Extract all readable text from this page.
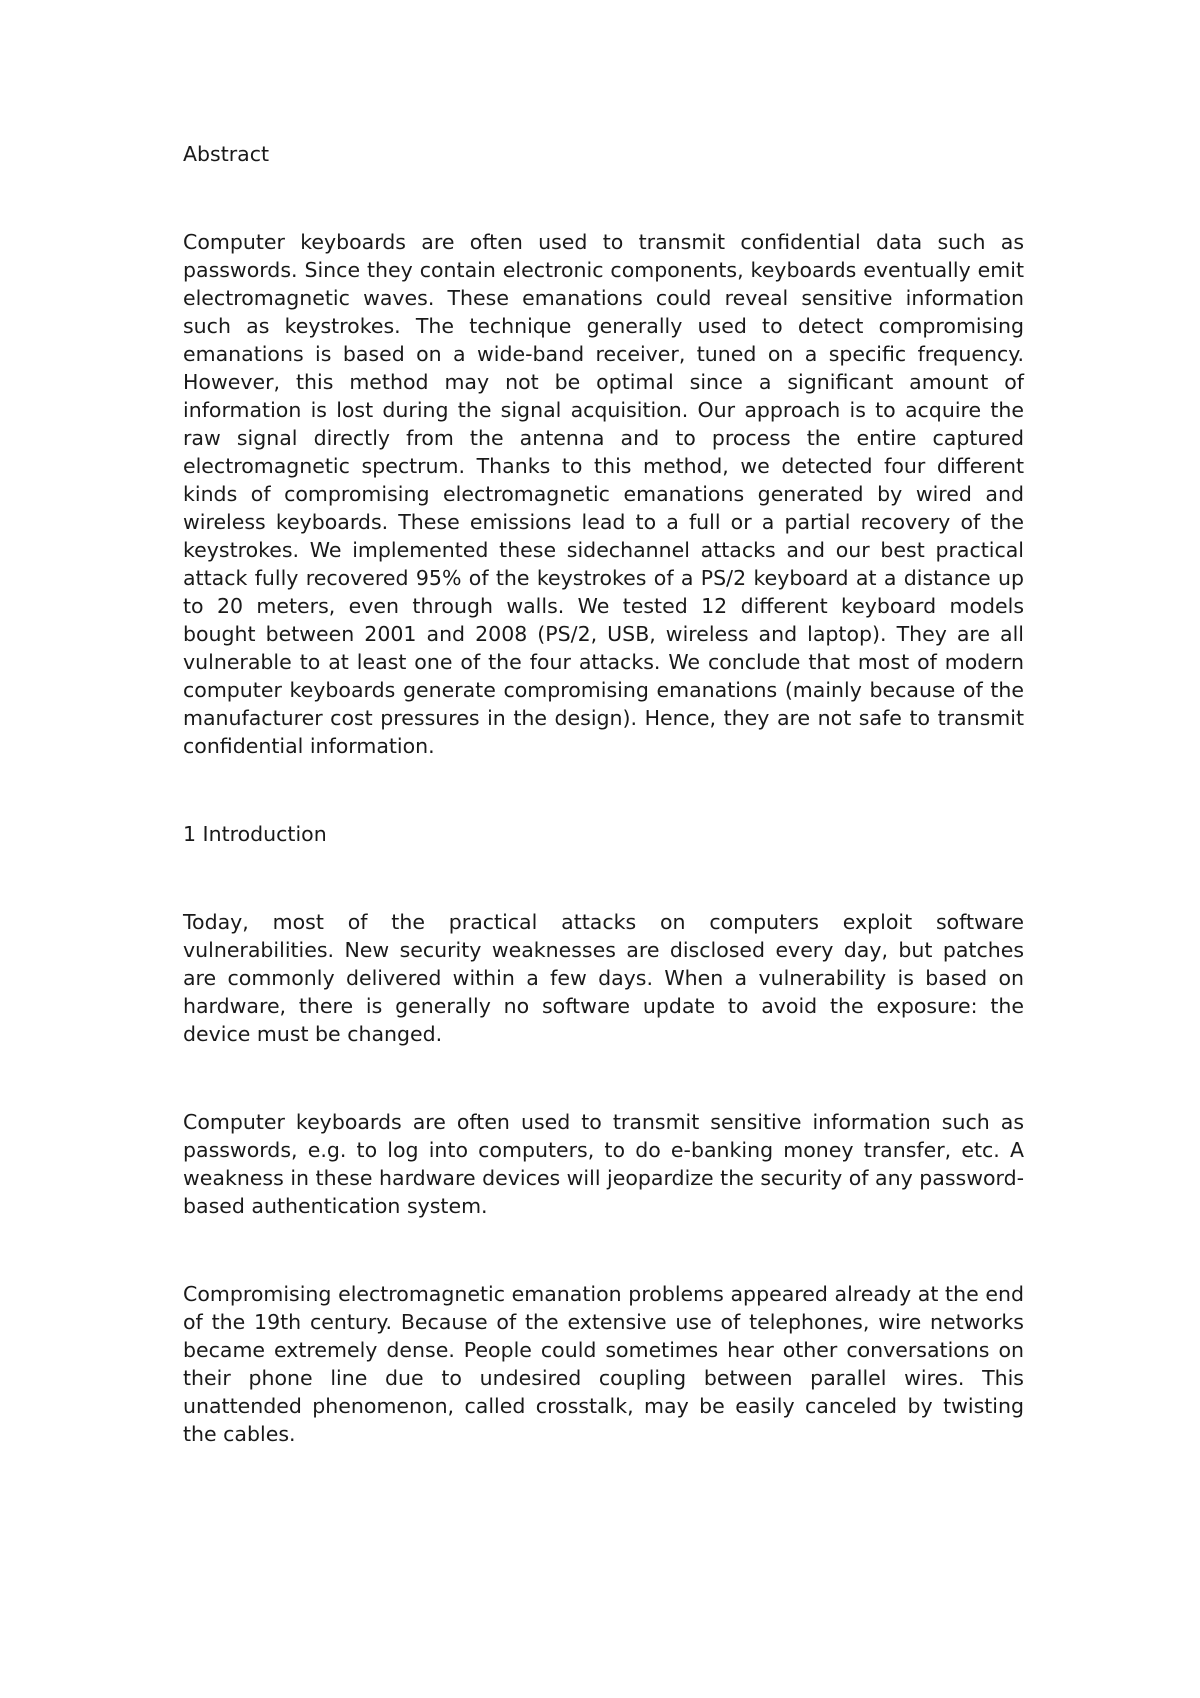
Abstract

Computer keyboards are often used to transmit confidential data such as passwords. Since they contain electronic components, keyboards eventually emit electromagnetic waves. These emanations could reveal sensitive information such as keystrokes. The technique generally used to detect compromising emanations is based on a wide-band receiver, tuned on a specific frequency. However, this method may not be optimal since a significant amount of information is lost during the signal acquisition. Our approach is to acquire the raw signal directly from the antenna and to process the entire captured electromagnetic spectrum. Thanks to this method, we detected four different kinds of compromising electromagnetic emanations generated by wired and wireless keyboards. These emissions lead to a full or a partial recovery of the keystrokes. We implemented these sidechannel attacks and our best practical attack fully recovered 95% of the keystrokes of a PS/2 keyboard at a distance up to 20 meters, even through walls. We tested 12 different keyboard models bought between 2001 and 2008 (PS/2, USB, wireless and laptop). They are all vulnerable to at least one of the four attacks. We conclude that most of modern computer keyboards generate compromising emanations (mainly because of the manufacturer cost pressures in the design). Hence, they are not safe to transmit confidential information.

1 Introduction

Today, most of the practical attacks on computers exploit software vulnerabilities. New security weaknesses are disclosed every day, but patches are commonly delivered within a few days. When a vulnerability is based on hardware, there is generally no software update to avoid the exposure: the device must be changed.

Computer keyboards are often used to transmit sensitive information such as passwords, e.g. to log into computers, to do e-banking money transfer, etc. A weakness in these hardware devices will jeopardize the security of any password-based authentication system.

Compromising electromagnetic emanation problems appeared already at the end of the 19th century. Because of the extensive use of telephones, wire networks became extremely dense. People could sometimes hear other conversations on their phone line due to undesired coupling between parallel wires. This unattended phenomenon, called crosstalk, may be easily canceled by twisting the cables.
